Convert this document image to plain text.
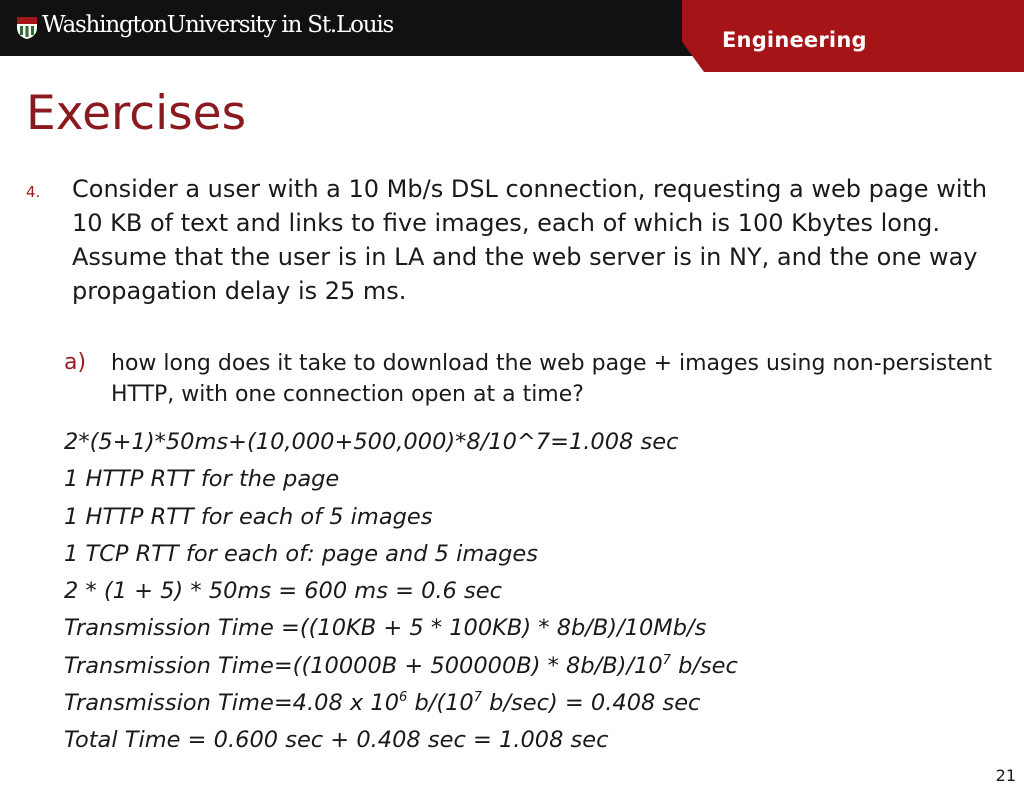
WashingtonUniversity in St.Louis
Engineering
Exercises
4. Consider a user with a 10 Mb/s DSL connection, requesting a web page with 10 KB of text and links to five images, each of which is 100 Kbytes long. Assume that the user is in LA and the web server is in NY, and the one way propagation delay is 25 ms.

a) how long does it take to download the web page + images using non-persistent HTTP, with one connection open at a time?

2*(5+1)*50ms+(10,000+500,000)*8/10^7=1.008 sec
1 HTTP RTT for the page
1 HTTP RTT for each of 5 images
1 TCP RTT for each of: page and 5 images
2 * (1 + 5) * 50ms = 600 ms = 0.6 sec
Transmission Time =((10KB + 5 * 100KB) * 8b/B)/10Mb/s
Transmission Time=((10000B + $500000B) * 8b/B)/10^7$ b/sec
Transmission Time=4.08 x $10^6$ $b/(10^7$ b/sec) = 0.408 sec
Total Time = 0.600 sec + 0.408 sec = 1.008 sec
21
